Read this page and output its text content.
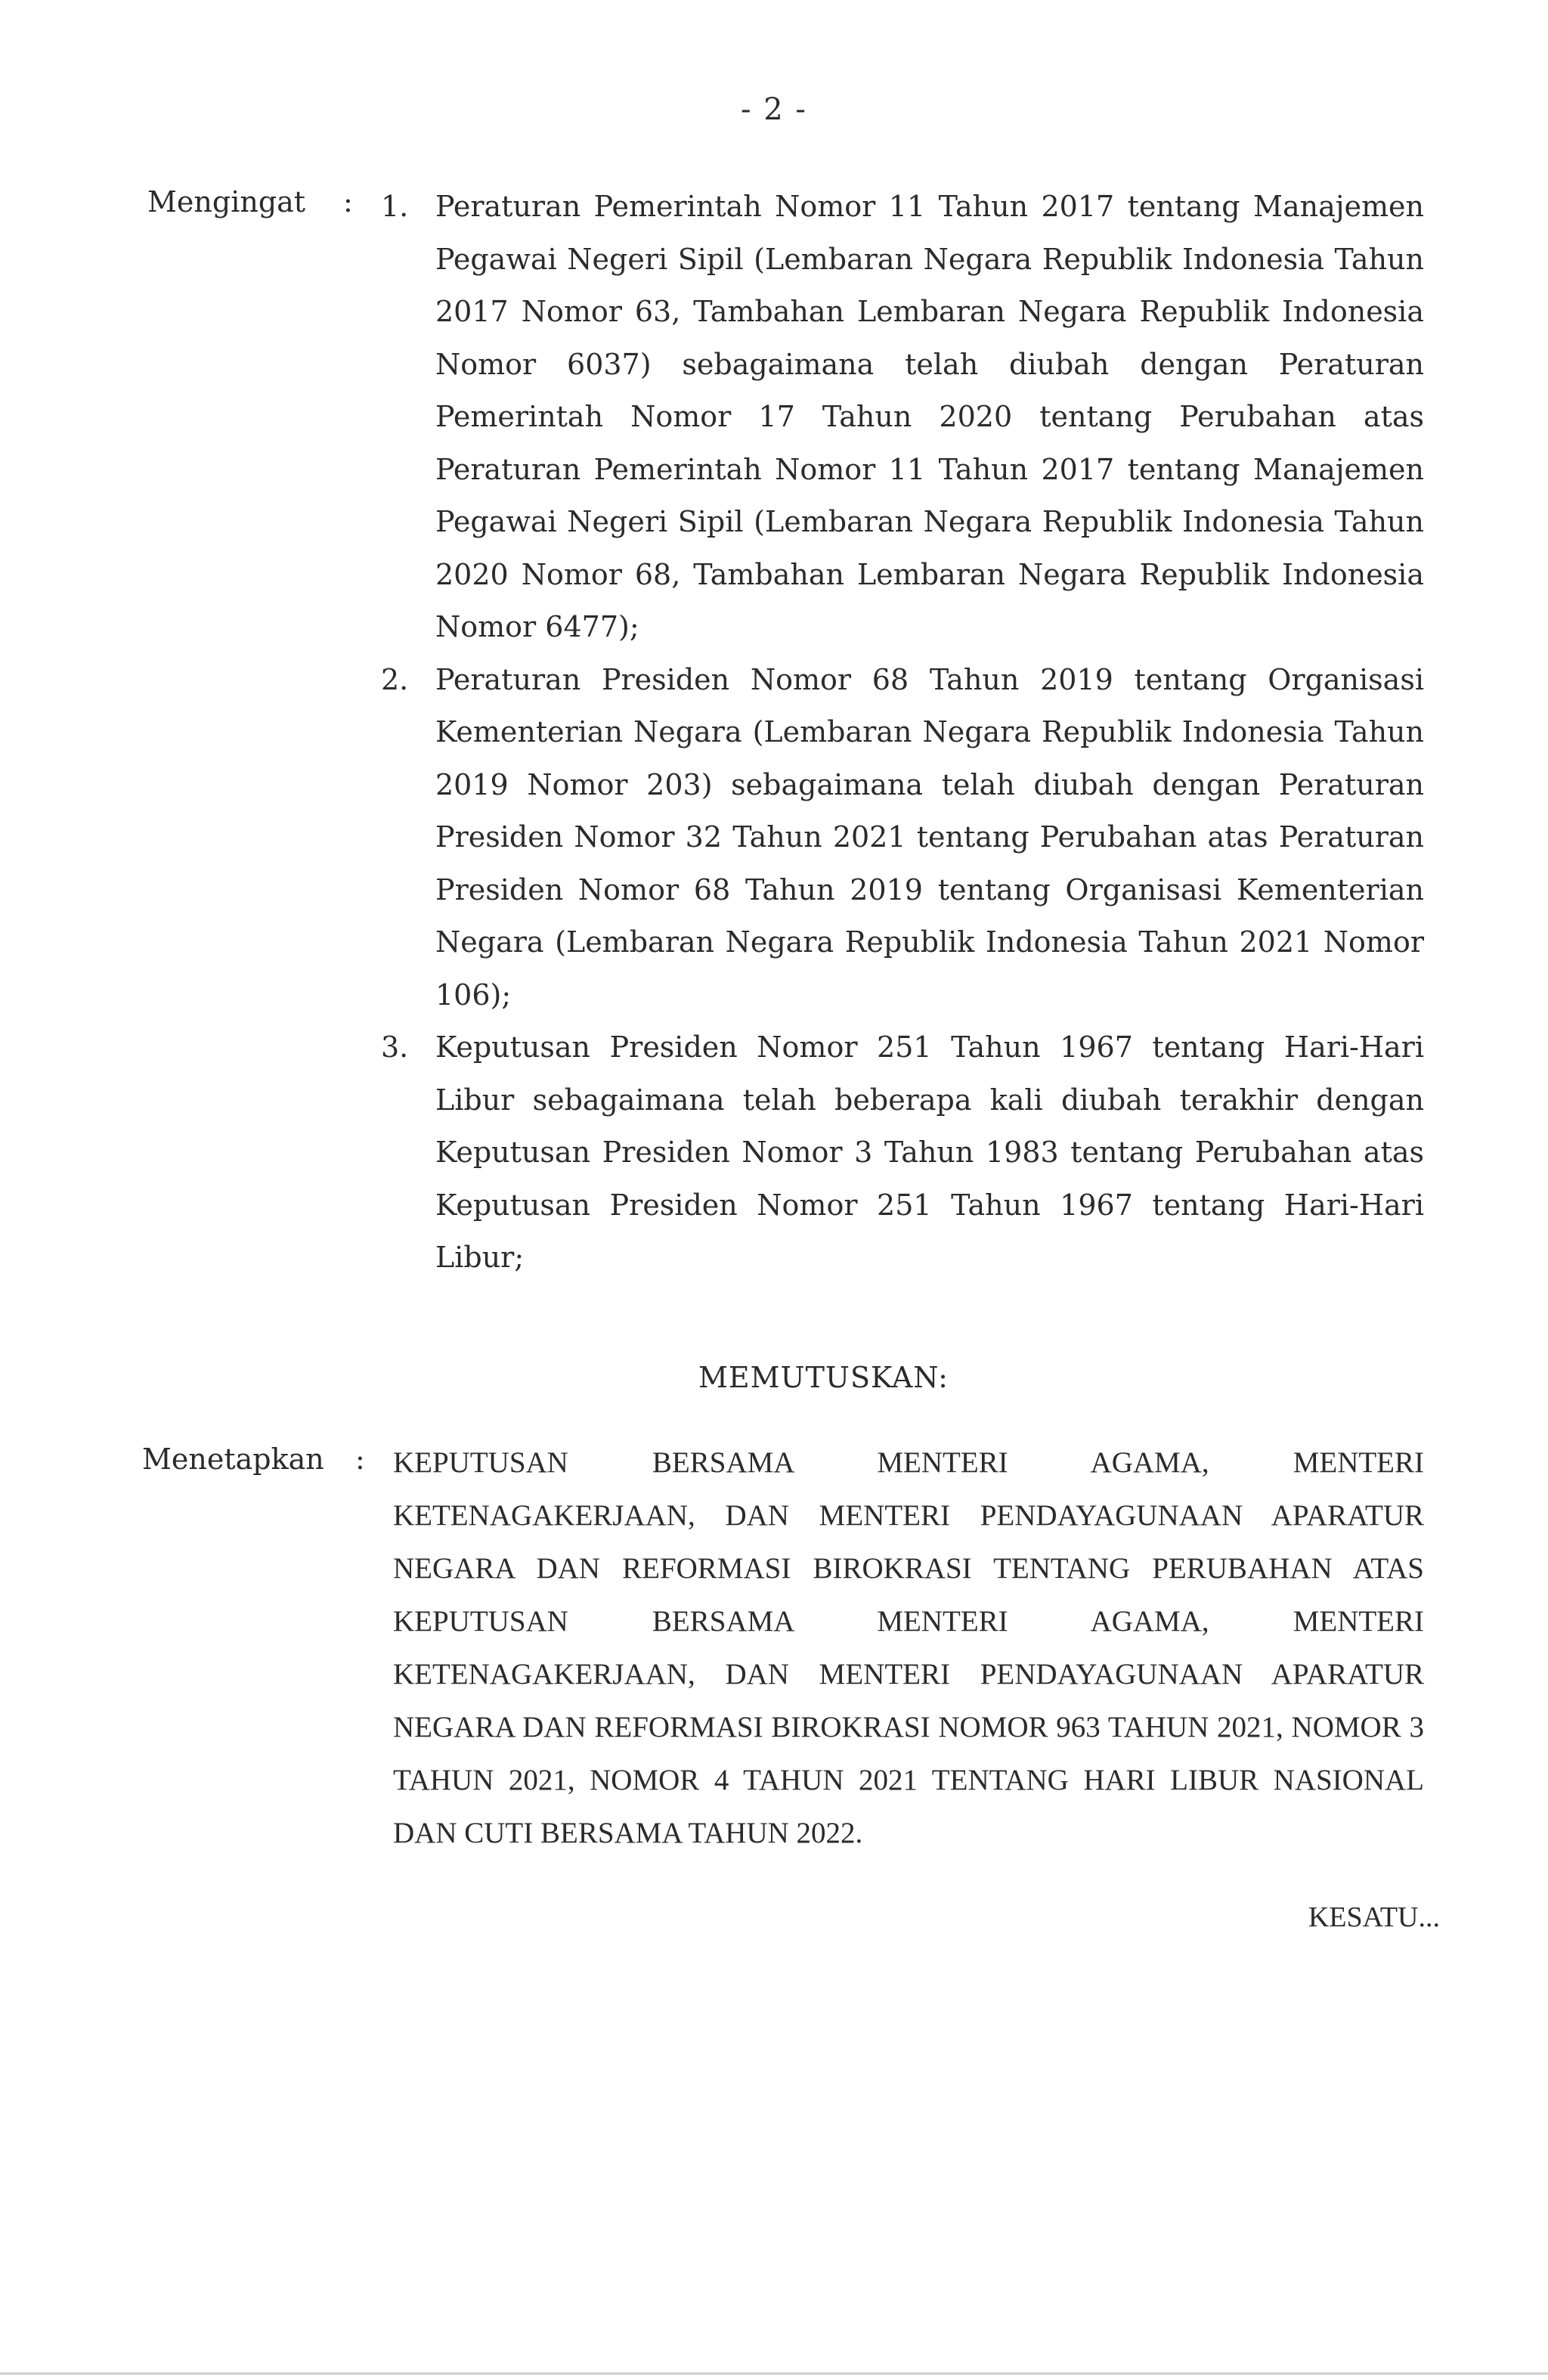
- 2 -
Mengingat : 1. Peraturan Pemerintah Nomor 11 Tahun 2017 tentang Manajemen Pegawai Negeri Sipil (Lembaran Negara Republik Indonesia Tahun 2017 Nomor 63, Tambahan Lembaran Negara Republik Indonesia Nomor 6037) sebagaimana telah diubah dengan Peraturan Pemerintah Nomor 17 Tahun 2020 tentang Perubahan atas Peraturan Pemerintah Nomor 11 Tahun 2017 tentang Manajemen Pegawai Negeri Sipil (Lembaran Negara Republik Indonesia Tahun 2020 Nomor 68, Tambahan Lembaran Negara Republik Indonesia Nomor 6477);
2. Peraturan Presiden Nomor 68 Tahun 2019 tentang Organisasi Kementerian Negara (Lembaran Negara Republik Indonesia Tahun 2019 Nomor 203) sebagaimana telah diubah dengan Peraturan Presiden Nomor 32 Tahun 2021 tentang Perubahan atas Peraturan Presiden Nomor 68 Tahun 2019 tentang Organisasi Kementerian Negara (Lembaran Negara Republik Indonesia Tahun 2021 Nomor 106);
3. Keputusan Presiden Nomor 251 Tahun 1967 tentang Hari-Hari Libur sebagaimana telah beberapa kali diubah terakhir dengan Keputusan Presiden Nomor 3 Tahun 1983 tentang Perubahan atas Keputusan Presiden Nomor 251 Tahun 1967 tentang Hari-Hari Libur;
MEMUTUSKAN:
Menetapkan : KEPUTUSAN BERSAMA MENTERI AGAMA, MENTERI KETENAGAKERJAAN, DAN MENTERI PENDAYAGUNAAN APARATUR NEGARA DAN REFORMASI BIROKRASI TENTANG PERUBAHAN ATAS KEPUTUSAN BERSAMA MENTERI AGAMA, MENTERI KETENAGAKERJAAN, DAN MENTERI PENDAYAGUNAAN APARATUR NEGARA DAN REFORMASI BIROKRASI NOMOR 963 TAHUN 2021, NOMOR 3 TAHUN 2021, NOMOR 4 TAHUN 2021 TENTANG HARI LIBUR NASIONAL DAN CUTI BERSAMA TAHUN 2022.
KESATU...
